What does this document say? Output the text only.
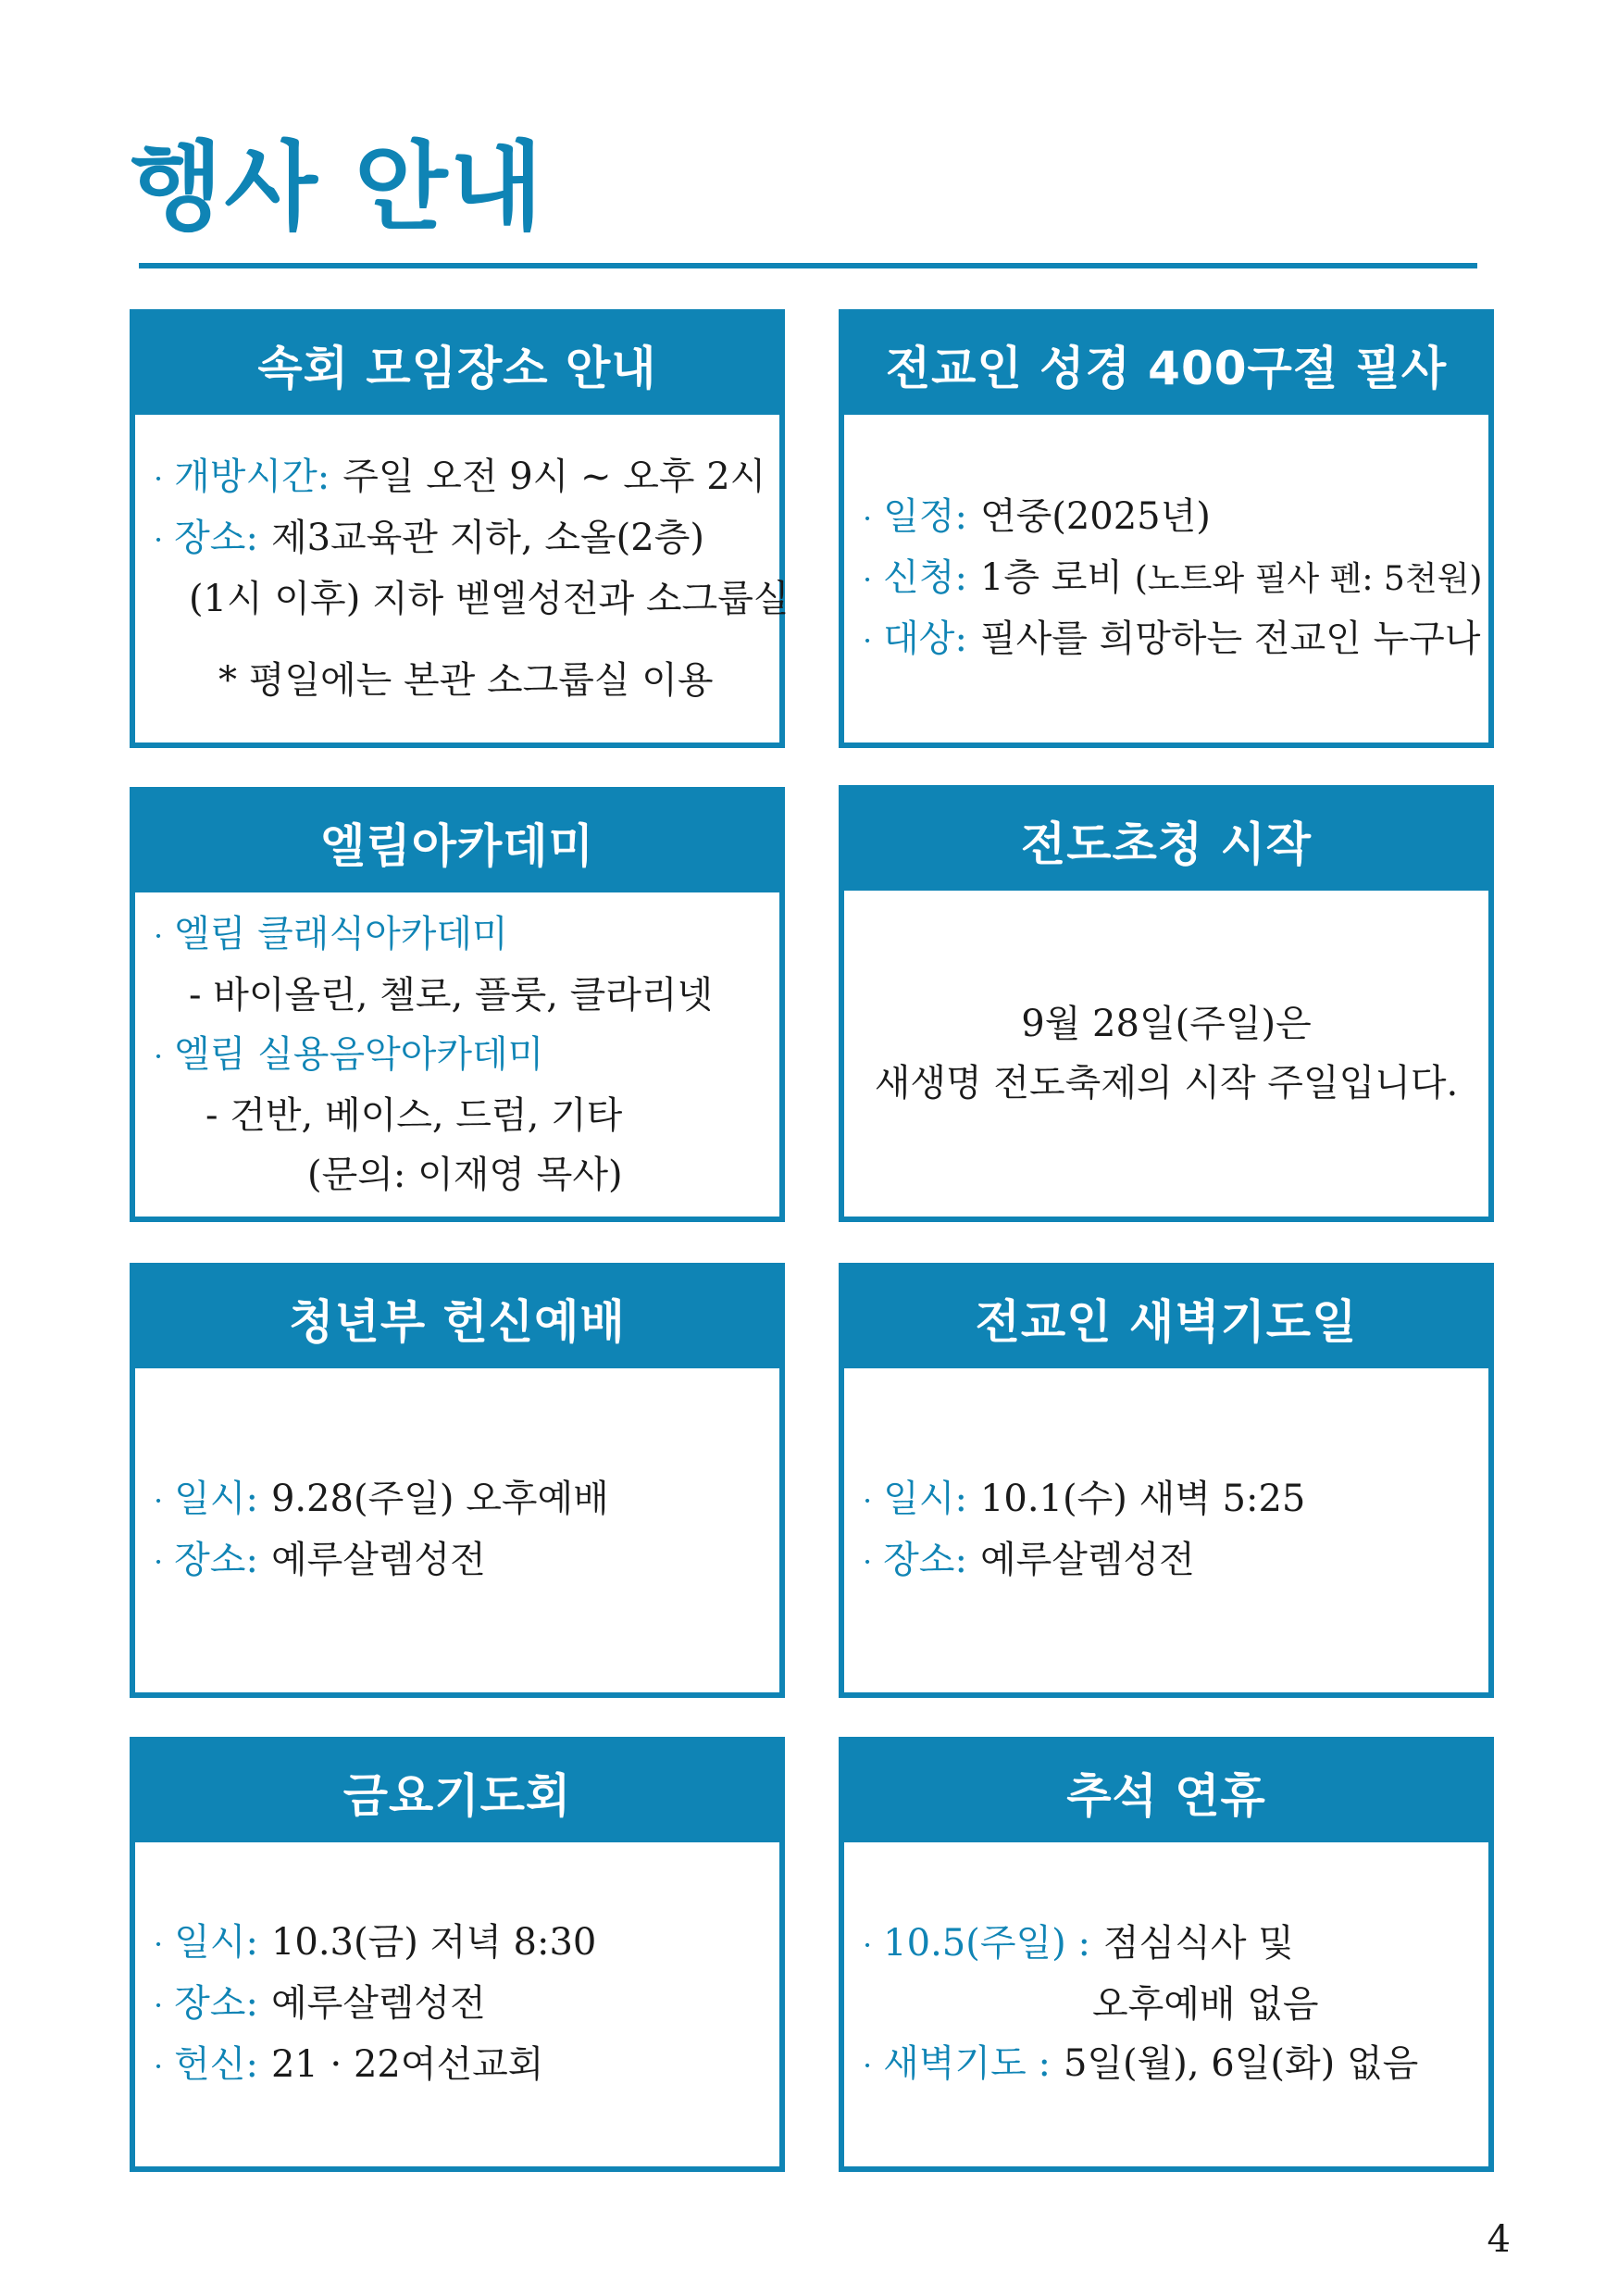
행사 안내
속회 모임장소 안내
· 개방시간: 주일 오전 9시 ~ 오후 2시
· 장소: 제3교육관 지하, 소올(2층)
(1시 이후) 지하 벧엘성전과 소그룹실
* 평일에는 본관 소그룹실 이용
전교인 성경 400구절 필사
· 일정: 연중(2025년)
· 신청: 1층 로비 (노트와 필사 펜: 5천원)
· 대상: 필사를 희망하는 전교인 누구나
엘림아카데미
· 엘림 클래식아카데미
- 바이올린, 첼로, 플룻, 클라리넷
· 엘림 실용음악아카데미
- 건반, 베이스, 드럼, 기타
(문의: 이재영 목사)
전도초청 시작
9월 28일(주일)은
새생명 전도축제의 시작 주일입니다.
청년부 헌신예배
· 일시: 9.28(주일) 오후예배
· 장소: 예루살렘성전
전교인 새벽기도일
· 일시: 10.1(수) 새벽 5:25
· 장소: 예루살렘성전
금요기도회
· 일시: 10.3(금) 저녁 8:30
· 장소: 예루살렘성전
· 헌신: 21 · 22여선교회
추석 연휴
· 10.5(주일) : 점심식사 및
오후예배 없음
· 새벽기도 : 5일(월), 6일(화) 없음
4
